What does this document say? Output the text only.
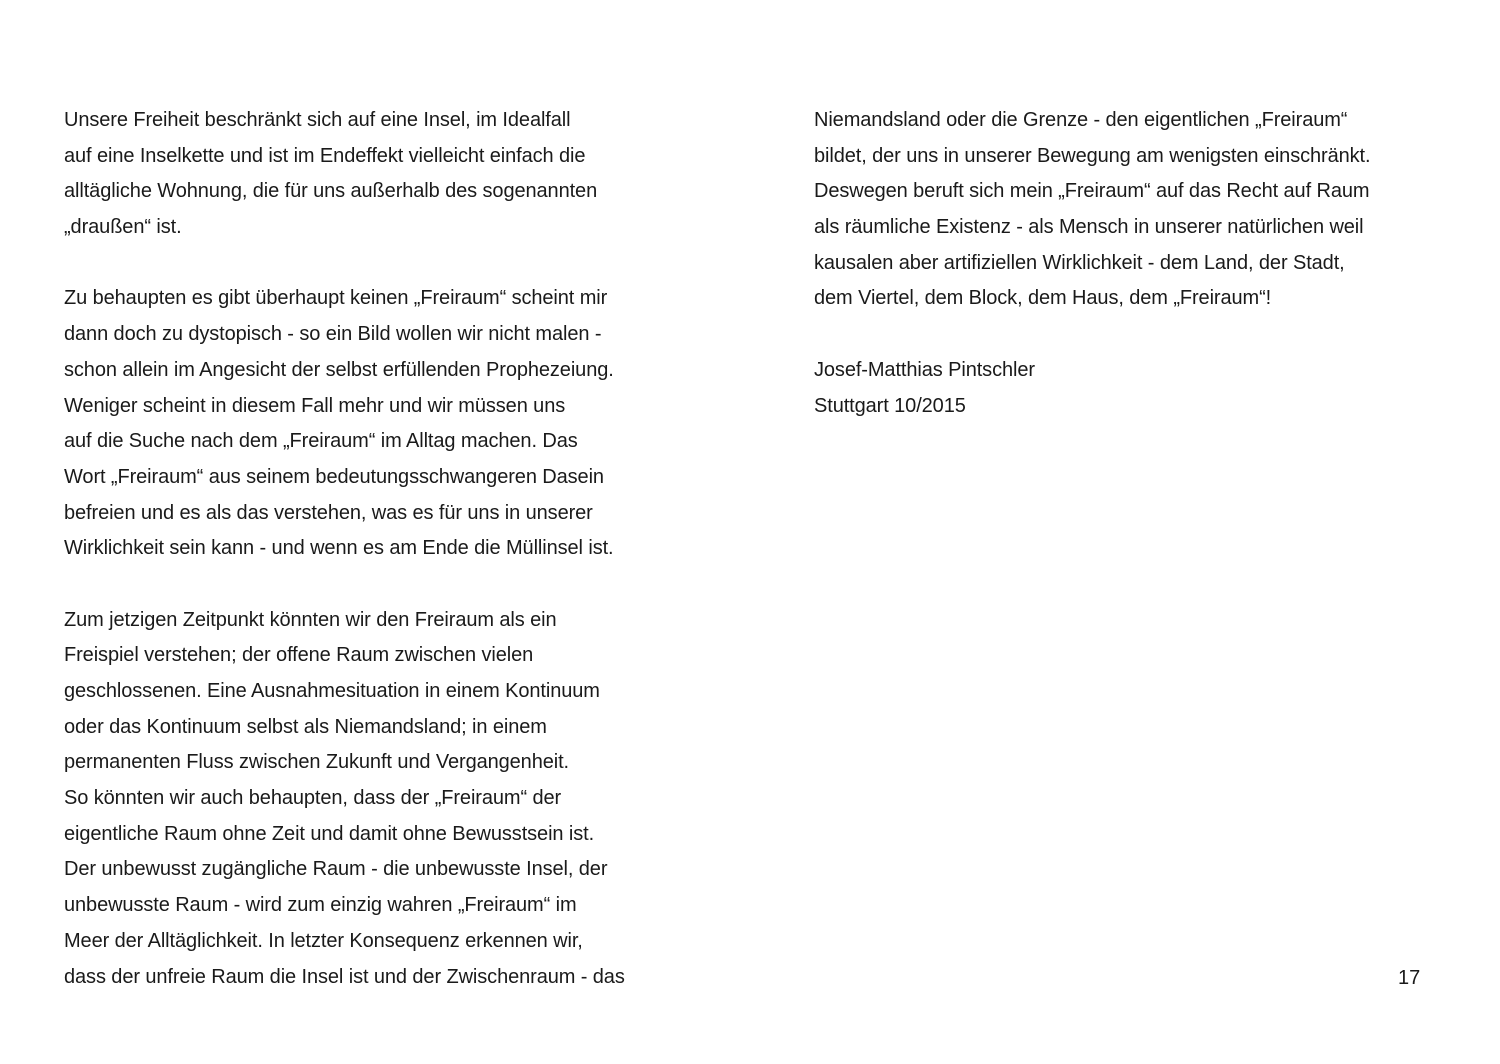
Unsere Freiheit beschränkt sich auf eine Insel, im Idealfall
auf eine Inselkette und ist im Endeffekt vielleicht einfach die
alltägliche Wohnung, die für uns außerhalb des sogenannten
„draußen“ ist.
Zu behaupten es gibt überhaupt keinen „Freiraum“ scheint mir
dann doch zu dystopisch - so ein Bild wollen wir nicht malen -
schon allein im Angesicht der selbst erfüllenden Prophezeiung.
Weniger scheint in diesem Fall mehr und wir müssen uns
auf die Suche nach dem „Freiraum“ im Alltag machen. Das
Wort „Freiraum“ aus seinem bedeutungsschwangeren Dasein
befreien und es als das verstehen, was es für uns in unserer
Wirklichkeit sein kann - und wenn es am Ende die Müllinsel ist.
Zum jetzigen Zeitpunkt könnten wir den Freiraum als ein
Freispiel verstehen; der offene Raum zwischen vielen
geschlossenen. Eine Ausnahmesituation in einem Kontinuum
oder das Kontinuum selbst als Niemandsland; in einem
permanenten Fluss zwischen Zukunft und Vergangenheit.
So könnten wir auch behaupten, dass der „Freiraum“ der
eigentliche Raum ohne Zeit und damit ohne Bewusstsein ist.
Der unbewusst zugängliche Raum - die unbewusste Insel, der
unbewusste Raum - wird zum einzig wahren „Freiraum“ im
Meer der Alltäglichkeit. In letzter Konsequenz erkennen wir,
dass der unfreie Raum die Insel ist und der Zwischenraum - das
Niemandsland oder die Grenze - den eigentlichen „Freiraum“
bildet, der uns in unserer Bewegung am wenigsten einschränkt.
Deswegen beruft sich mein „Freiraum“ auf das Recht auf Raum
als räumliche Existenz - als Mensch in unserer natürlichen weil
kausalen aber artifiziellen Wirklichkeit - dem Land, der Stadt,
dem Viertel, dem Block, dem Haus, dem „Freiraum“!
Josef-Matthias Pintschler
Stuttgart 10/2015
17
